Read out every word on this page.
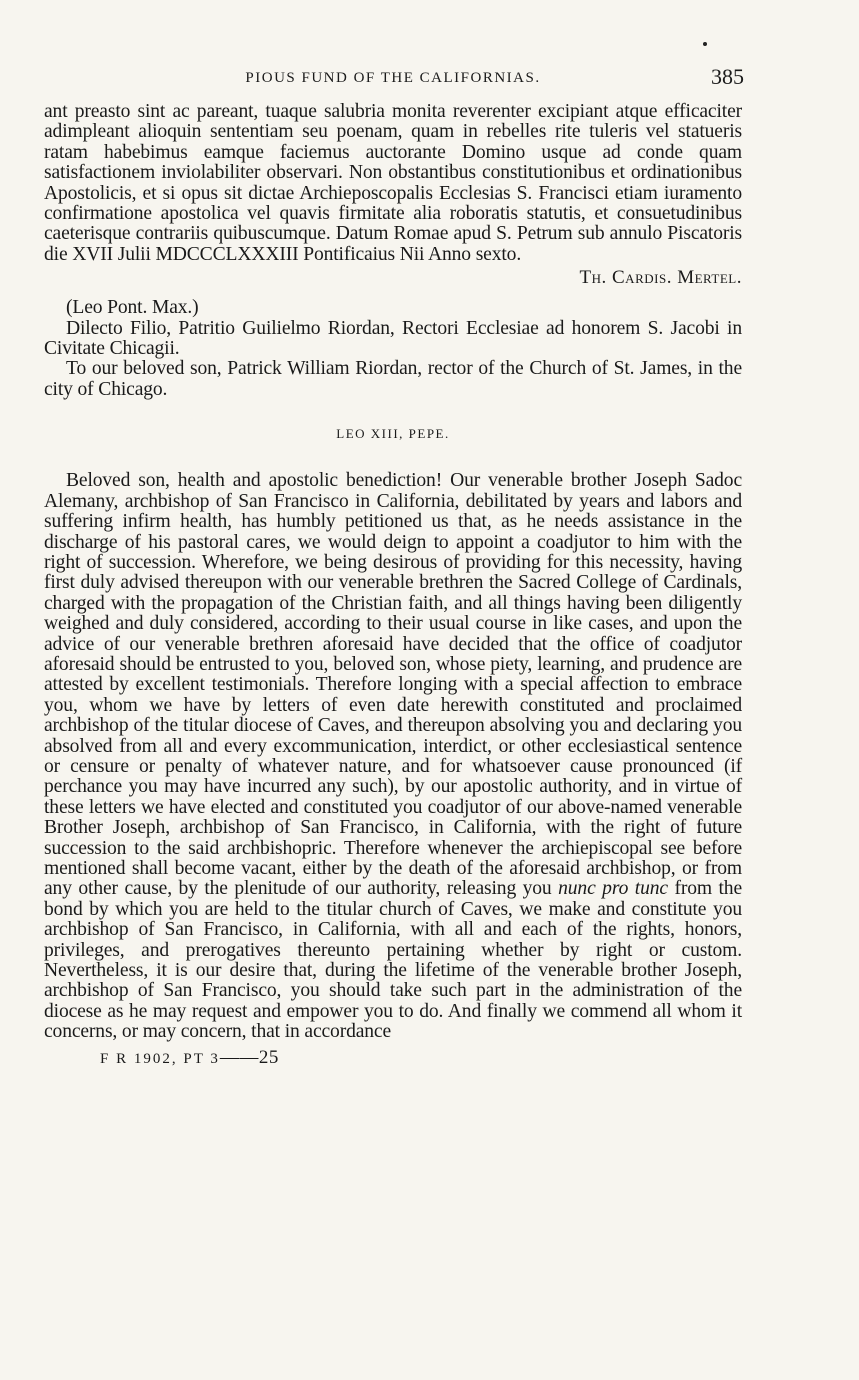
PIOUS FUND OF THE CALIFORNIAS.	385

ant preasto sint ac pareant, tuaque salubria monita reverenter excipiant atque efficaciter adimpleant alioquin sententiam seu poenam, quam in rebelles rite tuleris vel statueris ratam habebimus eamque faciemus auctorante Domino usque ad conde quam satisfactionem inviolabiliter observari. Non obstantibus constitutionibus et ordinationibus Apostolicis, et si opus sit dictae Archieposcopalis Ecclesias S. Francisci etiam iuramento confirmatione apostolica vel quavis firmitate alia roboratis statutis, et consuetudinibus caeterisque contrariis quibuscumque. Datum Romae apud S. Petrum sub annulo Piscatoris die XVII Julii MDCCCLXXXIII Pontificaius Nii Anno sexto.

Th. Cardis. Mertel.

(Leo Pont. Max.)

Dilecto Filio, Patritio Guilielmo Riordan, Rectori Ecclesiae ad honorem S. Jacobi in Civitate Chicagii.

To our beloved son, Patrick William Riordan, rector of the Church of St. James, in the city of Chicago.

LEO XIII, PEPE.

Beloved son, health and apostolic benediction! Our venerable brother Joseph Sadoc Alemany, archbishop of San Francisco in California, debilitated by years and labors and suffering infirm health, has humbly petitioned us that, as he needs assistance in the discharge of his pastoral cares, we would deign to appoint a coadjutor to him with the right of succession. Wherefore, we being desirous of providing for this necessity, having first duly advised thereupon with our venerable brethren the Sacred College of Cardinals, charged with the propagation of the Christian faith, and all things having been diligently weighed and duly considered, according to their usual course in like cases, and upon the advice of our venerable brethren aforesaid have decided that the office of coadjutor aforesaid should be entrusted to you, beloved son, whose piety, learning, and prudence are attested by excellent testimonials. Therefore longing with a special affection to embrace you, whom we have by letters of even date herewith constituted and proclaimed archbishop of the titular diocese of Caves, and thereupon absolving you and declaring you absolved from all and every excommunication, interdict, or other ecclesiastical sentence or censure or penalty of whatever nature, and for whatsoever cause pronounced (if perchance you may have incurred any such), by our apostolic authority, and in virtue of these letters we have elected and constituted you coadjutor of our above-named venerable Brother Joseph, archbishop of San Francisco, in California, with the right of future succession to the said archbishopric. Therefore whenever the archiepiscopal see before mentioned shall become vacant, either by the death of the aforesaid archbishop, or from any other cause, by the plenitude of our authority, releasing you nunc pro tunc from the bond by which you are held to the titular church of Caves, we make and constitute you archbishop of San Francisco, in California, with all and each of the rights, honors, privileges, and prerogatives thereunto pertaining whether by right or custom. Nevertheless, it is our desire that, during the lifetime of the venerable brother Joseph, archbishop of San Francisco, you should take such part in the administration of the diocese as he may request and empower you to do. And finally we commend all whom it concerns, or may concern, that in accordance

F R 1902, PT 3——25
